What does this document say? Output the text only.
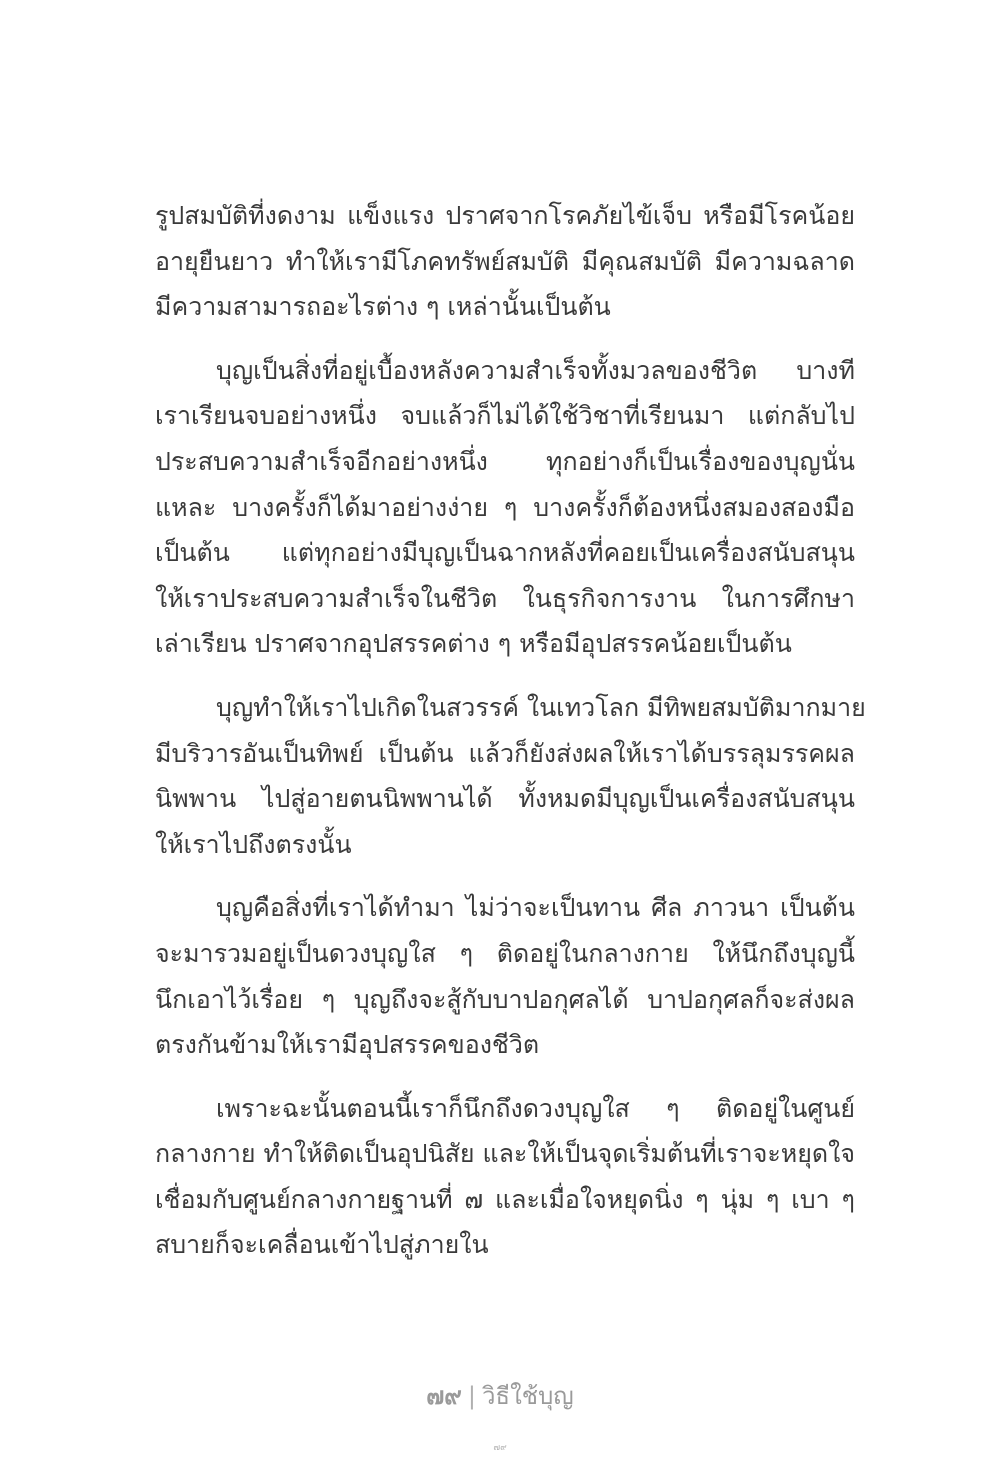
รูปสมบัติที่งดงาม แข็งแรง ปราศจากโรคภัยไข้เจ็บ หรือมีโรคน้อย
อายุยืนยาว ทำให้เรามีโภคทรัพย์สมบัติ มีคุณสมบัติ มีความฉลาด
มีความสามารถอะไรต่าง ๆ เหล่านั้นเป็นต้น
บุญเป็นสิ่งที่อยู่เบื้องหลังความสำเร็จทั้งมวลของชีวิต บางที
เราเรียนจบอย่างหนึ่ง จบแล้วก็ไม่ได้ใช้วิชาที่เรียนมา แต่กลับไป
ประสบความสำเร็จอีกอย่างหนึ่ง ทุกอย่างก็เป็นเรื่องของบุญนั่น
แหละ บางครั้งก็ได้มาอย่างง่าย ๆ บางครั้งก็ต้องหนึ่งสมองสองมือ
เป็นต้น แต่ทุกอย่างมีบุญเป็นฉากหลังที่คอยเป็นเครื่องสนับสนุน
ให้เราประสบความสำเร็จในชีวิต ในธุรกิจการงาน ในการศึกษา
เล่าเรียน ปราศจากอุปสรรคต่าง ๆ หรือมีอุปสรรคน้อยเป็นต้น
บุญทำให้เราไปเกิดในสวรรค์ ในเทวโลก มีทิพยสมบัติมากมาย
มีบริวารอันเป็นทิพย์ เป็นต้น แล้วก็ยังส่งผลให้เราได้บรรลุมรรคผล
นิพพาน ไปสู่อายตนนิพพานได้ ทั้งหมดมีบุญเป็นเครื่องสนับสนุน
ให้เราไปถึงตรงนั้น
บุญคือสิ่งที่เราได้ทำมา ไม่ว่าจะเป็นทาน ศีล ภาวนา เป็นต้น
จะมารวมอยู่เป็นดวงบุญใส ๆ ติดอยู่ในกลางกาย ให้นึกถึงบุญนี้
นึกเอาไว้เรื่อย ๆ บุญถึงจะสู้กับบาปอกุศลได้ บาปอกุศลก็จะส่งผล
ตรงกันข้ามให้เรามีอุปสรรคของชีวิต
เพราะฉะนั้นตอนนี้เราก็นึกถึงดวงบุญใส ๆ ติดอยู่ในศูนย์
กลางกาย ทำให้ติดเป็นอุปนิสัย และให้เป็นจุดเริ่มต้นที่เราจะหยุดใจ
เชื่อมกับศูนย์กลางกายฐานที่ ๗ และเมื่อใจหยุดนิ่ง ๆ นุ่ม ๆ เบา ๆ
สบายก็จะเคลื่อนเข้าไปสู่ภายใน
๗๙ | วิธีใช้บุญ
๗๙
